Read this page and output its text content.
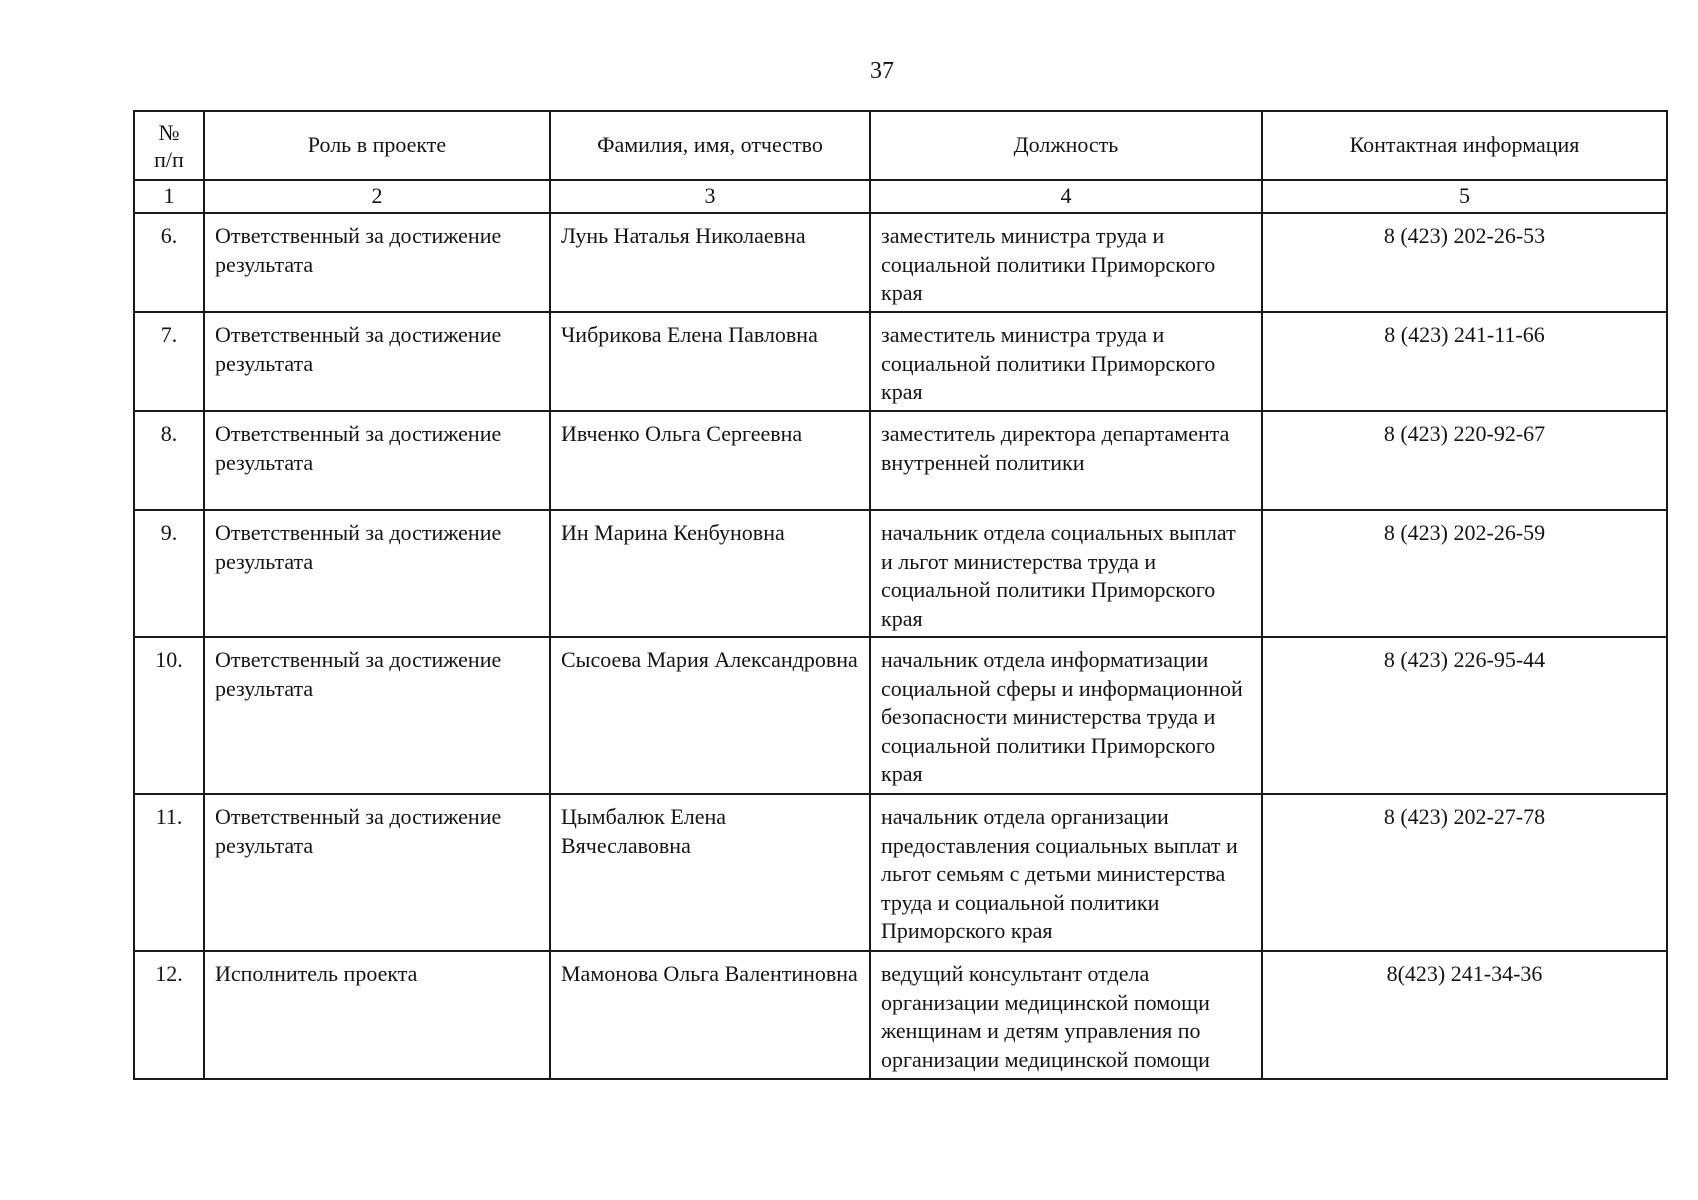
37
№
п/п	Роль в проекте	Фамилия, имя, отчество	Должность	Контактная информация
1	2	3	4	5
6.	Ответственный за достижение результата	Лунь Наталья Николаевна	заместитель министра труда и социальной политики Приморского края	8 (423) 202-26-53
7.	Ответственный за достижение результата	Чибрикова Елена Павловна	заместитель министра труда и социальной политики Приморского края	8 (423) 241-11-66
8.	Ответственный за достижение результата	Ивченко Ольга Сергеевна	заместитель директора департамента внутренней политики	8 (423) 220-92-67
9.	Ответственный за достижение результата	Ин Марина Кенбуновна	начальник отдела социальных выплат и льгот министерства труда и социальной политики Приморского края	8 (423) 202-26-59
10.	Ответственный за достижение результата	Сысоева Мария Александровна	начальник отдела информатизации социальной сферы и информационной безопасности министерства труда и социальной политики Приморского края	8 (423) 226-95-44
11.	Ответственный за достижение результата	Цымбалюк Елена Вячеславовна	начальник отдела организации предоставления социальных выплат и льгот семьям с детьми министерства труда и социальной политики Приморского края	8 (423) 202-27-78
12.	Исполнитель проекта	Мамонова Ольга Валентиновна	ведущий консультант отдела организации медицинской помощи женщинам и детям управления по организации медицинской помощи	8(423) 241-34-36
